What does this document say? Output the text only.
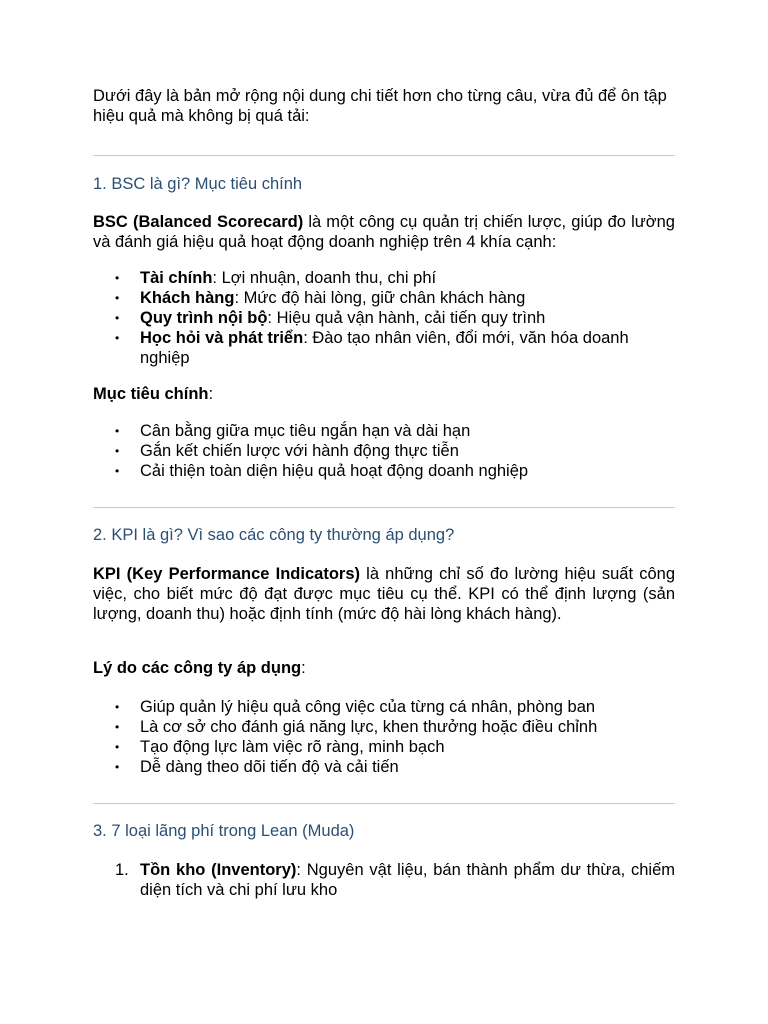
Dưới đây là bản mở rộng nội dung chi tiết hơn cho từng câu, vừa đủ để ôn tập hiệu quả mà không bị quá tải:

1. BSC là gì? Mục tiêu chính

BSC (Balanced Scorecard) là một công cụ quản trị chiến lược, giúp đo lường và đánh giá hiệu quả hoạt động doanh nghiệp trên 4 khía cạnh:

• Tài chính: Lợi nhuận, doanh thu, chi phí
• Khách hàng: Mức độ hài lòng, giữ chân khách hàng
• Quy trình nội bộ: Hiệu quả vận hành, cải tiến quy trình
• Học hỏi và phát triển: Đào tạo nhân viên, đổi mới, văn hóa doanh nghiệp

Mục tiêu chính:

• Cân bằng giữa mục tiêu ngắn hạn và dài hạn
• Gắn kết chiến lược với hành động thực tiễn
• Cải thiện toàn diện hiệu quả hoạt động doanh nghiệp
2. KPI là gì? Vì sao các công ty thường áp dụng?

KPI (Key Performance Indicators) là những chỉ số đo lường hiệu suất công việc, cho biết mức độ đạt được mục tiêu cụ thể. KPI có thể định lượng (sản lượng, doanh thu) hoặc định tính (mức độ hài lòng khách hàng).

Lý do các công ty áp dụng:

• Giúp quản lý hiệu quả công việc của từng cá nhân, phòng ban
• Là cơ sở cho đánh giá năng lực, khen thưởng hoặc điều chỉnh
• Tạo động lực làm việc rõ ràng, minh bạch
• Dễ dàng theo dõi tiến độ và cải tiến
3. 7 loại lãng phí trong Lean (Muda)
1. Tồn kho (Inventory): Nguyên vật liệu, bán thành phẩm dư thừa, chiếm diện tích và chi phí lưu kho
